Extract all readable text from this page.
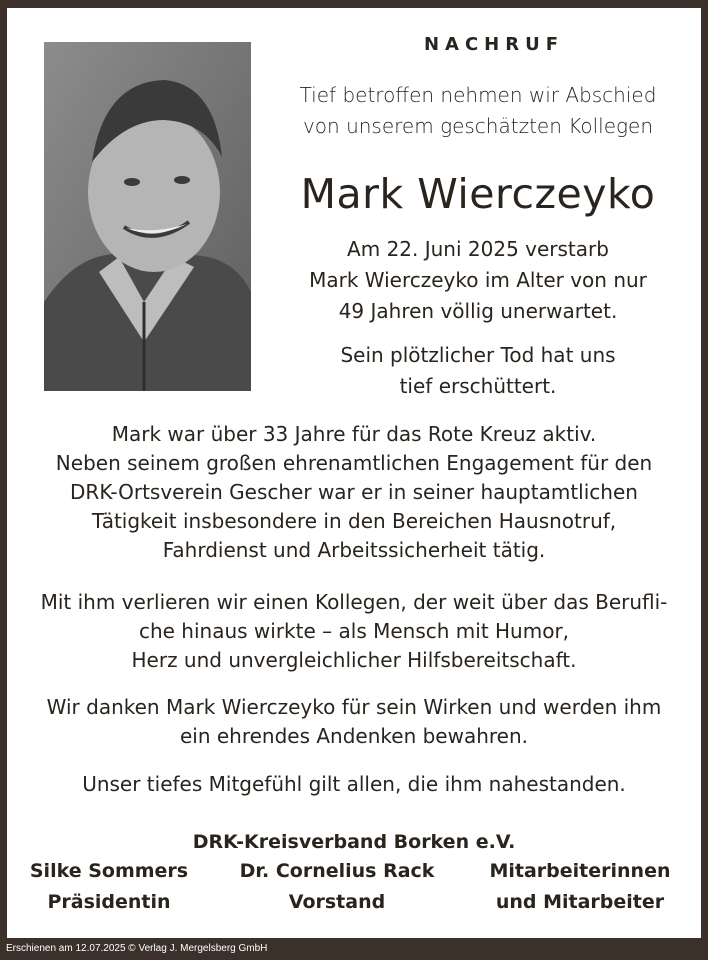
NACHRUF
Tief betroffen nehmen wir Abschied
von unserem geschätzten Kollegen
Mark Wierczeyko
Am 22. Juni 2025 verstarb
Mark Wierczeyko im Alter von nur
49 Jahren völlig unerwartet.
Sein plötzlicher Tod hat uns
tief erschüttert.
Mark war über 33 Jahre für das Rote Kreuz aktiv.
Neben seinem großen ehrenamtlichen Engagement für den
DRK-Ortsverein Gescher war er in seiner hauptamtlichen
Tätigkeit insbesondere in den Bereichen Hausnotruf,
Fahrdienst und Arbeitssicherheit tätig.
Mit ihm verlieren wir einen Kollegen, der weit über das Berufli-
che hinaus wirkte – als Mensch mit Humor,
Herz und unvergleichlicher Hilfsbereitschaft.
Wir danken Mark Wierczeyko für sein Wirken und werden ihm
ein ehrendes Andenken bewahren.
Unser tiefes Mitgefühl gilt allen, die ihm nahestanden.
DRK-Kreisverband Borken e.V.
Silke Sommers
Präsidentin
Dr. Cornelius Rack
Vorstand
Mitarbeiterinnen
und Mitarbeiter
Erschienen am 12.07.2025 © Verlag J. Mergelsberg GmbH
